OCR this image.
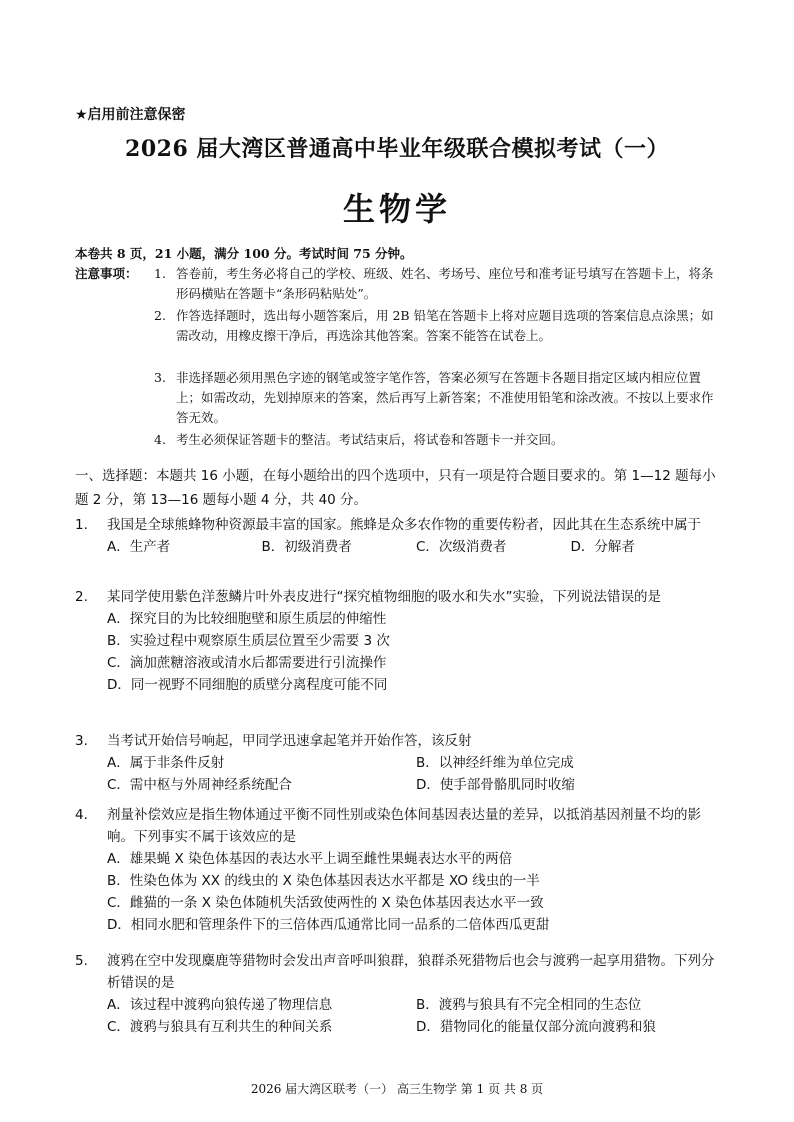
★启用前注意保密
2026 届大湾区普通高中毕业年级联合模拟考试（一）
生物学
本卷共 8 页，21 小题，满分 100 分。考试时间 75 分钟。
注意事项： 1. 答卷前，考生务必将自己的学校、班级、姓名、考场号、座位号和准考证号填写在答题卡上，将条形码横贴在答题卡“条形码粘贴处”。
2. 作答选择题时，选出每小题答案后，用 2B 铅笔在答题卡上将对应题目选项的答案信息点涂黑；如需改动，用橡皮擦干净后，再选涂其他答案。答案不能答在试卷上。
3. 非选择题必须用黑色字迹的钢笔或签字笔作答，答案必须写在答题卡各题目指定区域内相应位置上；如需改动，先划掉原来的答案，然后再写上新答案；不准使用铅笔和涂改液。不按以上要求作答无效。
4. 考生必须保证答题卡的整洁。考试结束后，将试卷和答题卡一并交回。
一、选择题：本题共 16 小题，在每小题给出的四个选项中，只有一项是符合题目要求的。第 1—12 题每小题 2 分，第 13—16 题每小题 4 分，共 40 分。
1. 我国是全球熊蜂物种资源最丰富的国家。熊蜂是众多农作物的重要传粉者，因此其在生态系统中属于
A．生产者	B．初级消费者	C．次级消费者	D．分解者
2. 某同学使用紫色洋葱鳞片叶外表皮进行“探究植物细胞的吸水和失水”实验，下列说法错误的是
A．探究目的为比较细胞壁和原生质层的伸缩性
B．实验过程中观察原生质层位置至少需要 3 次
C．滴加蔗糖溶液或清水后都需要进行引流操作
D．同一视野不同细胞的质壁分离程度可能不同
3. 当考试开始信号响起，甲同学迅速拿起笔并开始作答，该反射
A．属于非条件反射	B．以神经纤维为单位完成
C．需中枢与外周神经系统配合	D．使手部骨骼肌同时收缩
4. 剂量补偿效应是指生物体通过平衡不同性别或染色体间基因表达量的差异，以抵消基因剂量不均的影响。下列事实不属于该效应的是
A．雄果蝇 X 染色体基因的表达水平上调至雌性果蝇表达水平的两倍
B．性染色体为 XX 的线虫的 X 染色体基因表达水平都是 XO 线虫的一半
C．雌猫的一条 X 染色体随机失活致使两性的 X 染色体基因表达水平一致
D．相同水肥和管理条件下的三倍体西瓜通常比同一品系的二倍体西瓜更甜
5. 渡鸦在空中发现麋鹿等猎物时会发出声音呼叫狼群，狼群杀死猎物后也会与渡鸦一起享用猎物。下列分析错误的是
A．该过程中渡鸦向狼传递了物理信息	B．渡鸦与狼具有不完全相同的生态位
C．渡鸦与狼具有互利共生的种间关系	D．猎物同化的能量仅部分流向渡鸦和狼
2026 届大湾区联考（一） 高三生物学 第 1 页 共 8 页
